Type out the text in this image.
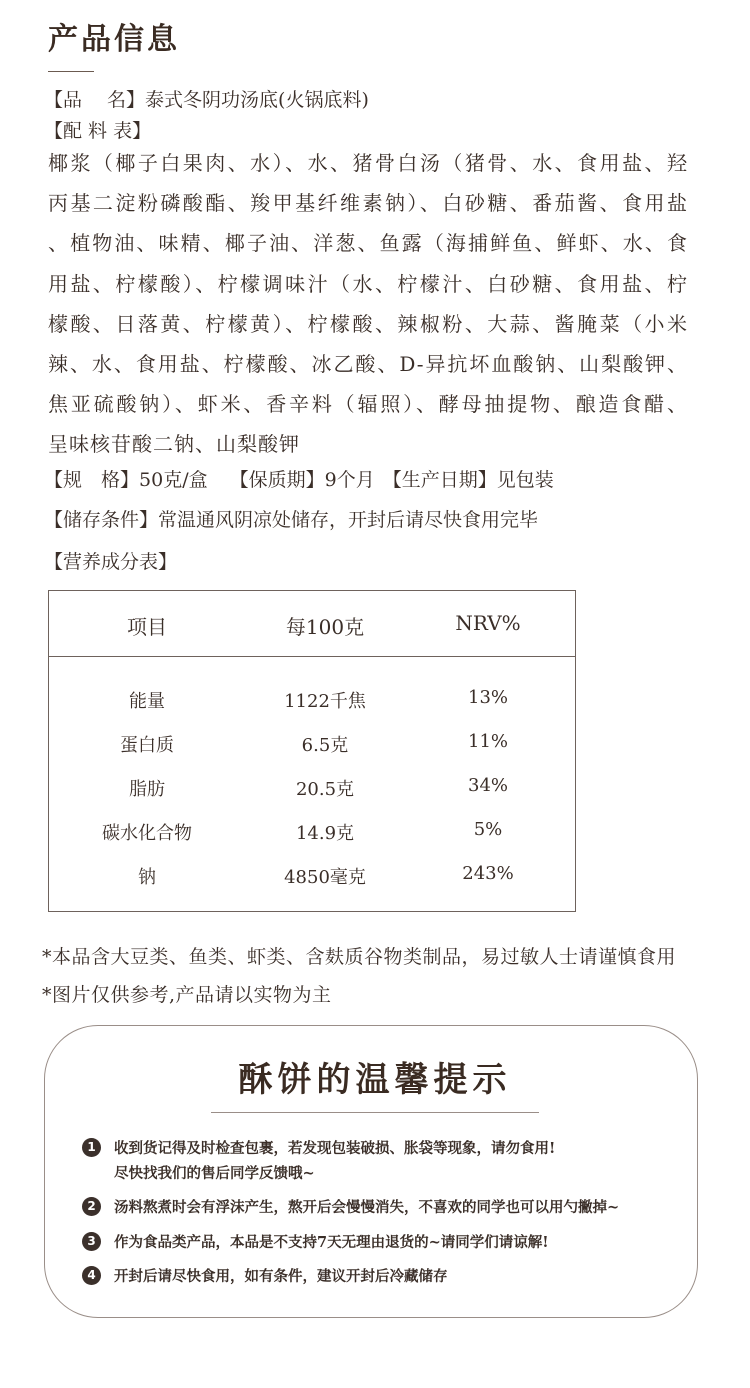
产品信息
【品　 名】泰式冬阴功汤底(火锅底料)
【配 料 表】
椰浆（椰子白果肉、水）、水、猪骨白汤（猪骨、水、食用盐、羟
丙基二淀粉磷酸酯、羧甲基纤维素钠）、白砂糖、番茄酱、食用盐
、植物油、味精、椰子油、洋葱、鱼露（海捕鲜鱼、鲜虾、水、食
用盐、柠檬酸）、柠檬调味汁（水、柠檬汁、白砂糖、食用盐、柠
檬酸、日落黄、柠檬黄）、柠檬酸、辣椒粉、大蒜、酱腌菜（小米
辣、水、食用盐、柠檬酸、冰乙酸、D-异抗坏血酸钠、山梨酸钾、
焦亚硫酸钠）、虾米、香辛料（辐照）、酵母抽提物、酿造食醋、
呈味核苷酸二钠、山梨酸钾
【规　格】50克/盒 【保质期】9个月 【生产日期】见包装
【储存条件】常温通风阴凉处储存，开封后请尽快食用完毕
【营养成分表】
项目	每100克	NRV%
能量	1122千焦	13%
蛋白质	6.5克	11%
脂肪	20.5克	34%
碳水化合物	14.9克	5%
钠	4850毫克	243%
*本品含大豆类、鱼类、虾类、含麸质谷物类制品，易过敏人士请谨慎食用
*图片仅供参考,产品请以实物为主
酥饼的温馨提示
1	收到货记得及时检查包裹，若发现包装破损、胀袋等现象，请勿食用!
尽快找我们的售后同学反馈哦~
2	汤料熬煮时会有浮沫产生，熬开后会慢慢消失，不喜欢的同学也可以用勺撇掉~
3	作为食品类产品，本品是不支持7天无理由退货的~请同学们请谅解!
4	开封后请尽快食用，如有条件，建议开封后冷藏储存
